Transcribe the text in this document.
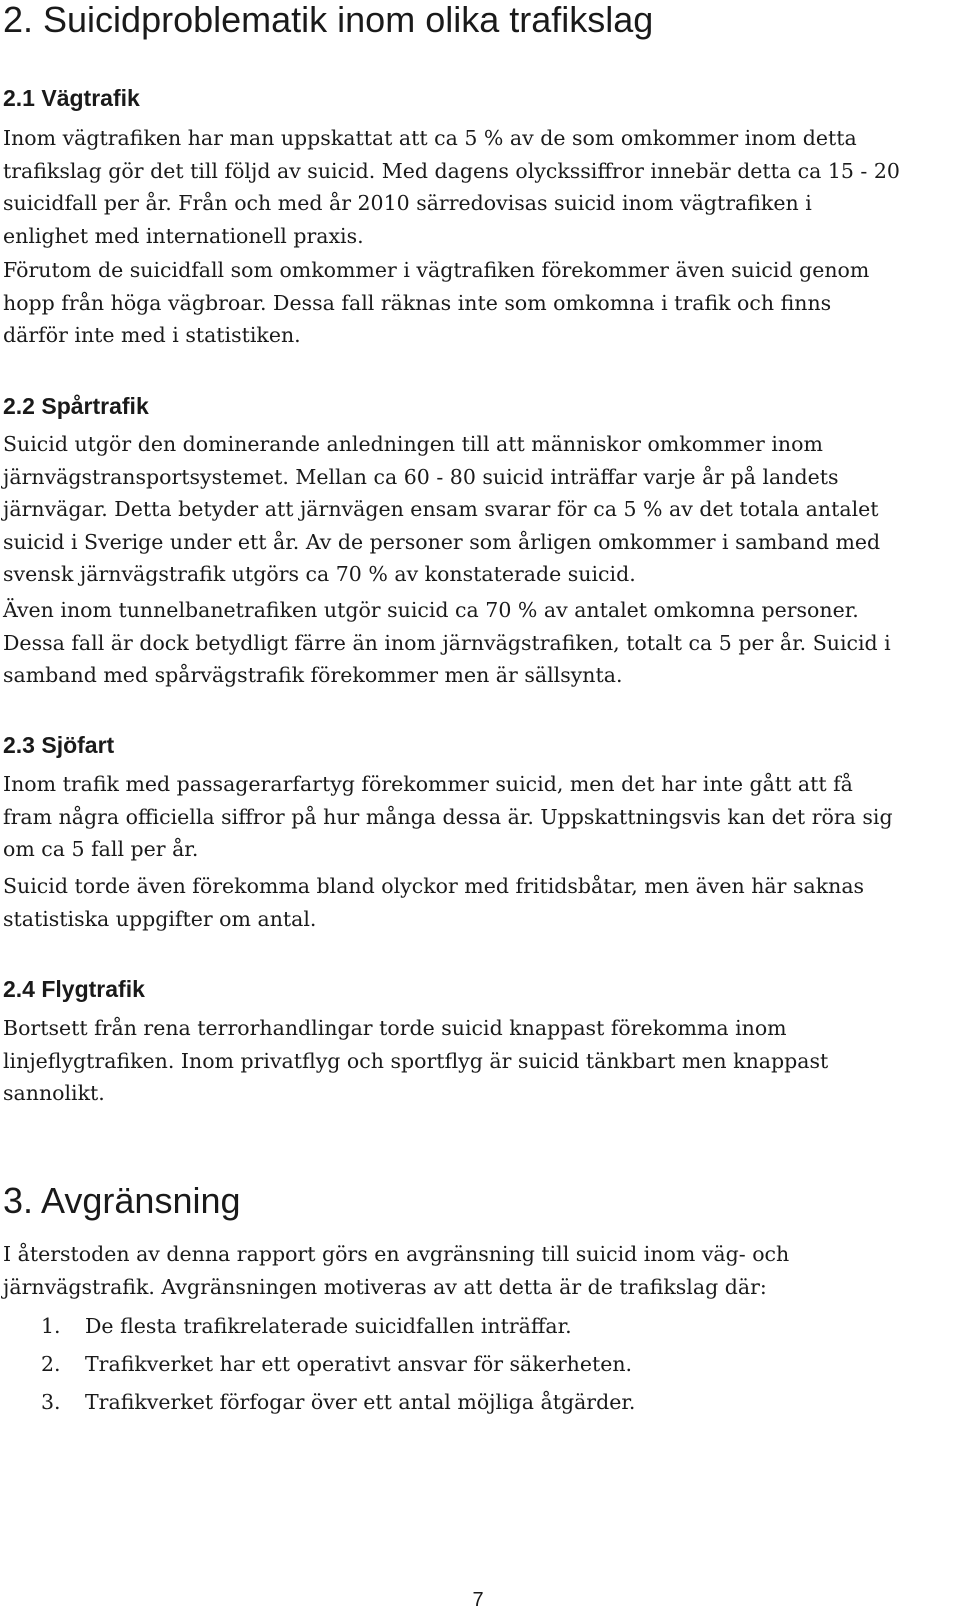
2. Suicidproblematik inom olika trafikslag
2.1 Vägtrafik

Inom vägtrafiken har man uppskattat att ca 5 % av de som omkommer inom detta
trafikslag gör det till följd av suicid. Med dagens olyckssiffror innebär detta ca 15 - 20
suicidfall per år. Från och med år 2010 särredovisas suicid inom vägtrafiken i
enlighet med internationell praxis.

Förutom de suicidfall som omkommer i vägtrafiken förekommer även suicid genom
hopp från höga vägbroar. Dessa fall räknas inte som omkomna i trafik och finns
därför inte med i statistiken.

2.2 Spårtrafik

Suicid utgör den dominerande anledningen till att människor omkommer inom
järnvägstransportsystemet. Mellan ca 60 - 80 suicid inträffar varje år på landets
järnvägar. Detta betyder att järnvägen ensam svarar för ca 5 % av det totala antalet
suicid i Sverige under ett år. Av de personer som årligen omkommer i samband med
svensk järnvägstrafik utgörs ca 70 % av konstaterade suicid.

Även inom tunnelbanetrafiken utgör suicid ca 70 % av antalet omkomna personer.
Dessa fall är dock betydligt färre än inom järnvägstrafiken, totalt ca 5 per år. Suicid i
samband med spårvägstrafik förekommer men är sällsynta.

2.3 Sjöfart

Inom trafik med passagerarfartyg förekommer suicid, men det har inte gått att få
fram några officiella siffror på hur många dessa är. Uppskattningsvis kan det röra sig
om ca 5 fall per år.

Suicid torde även förekomma bland olyckor med fritidsbåtar, men även här saknas
statistiska uppgifter om antal.

2.4 Flygtrafik

Bortsett från rena terrorhandlingar torde suicid knappast förekomma inom
linjeflygtrafiken. Inom privatflyg och sportflyg är suicid tänkbart men knappast
sannolikt.

3. Avgränsning

I återstoden av denna rapport görs en avgränsning till suicid inom väg- och
järnvägstrafik. Avgränsningen motiveras av att detta är de trafikslag där:

1. De flesta trafikrelaterade suicidfallen inträffar.
2. Trafikverket har ett operativt ansvar för säkerheten.
3. Trafikverket förfogar över ett antal möjliga åtgärder.
7
